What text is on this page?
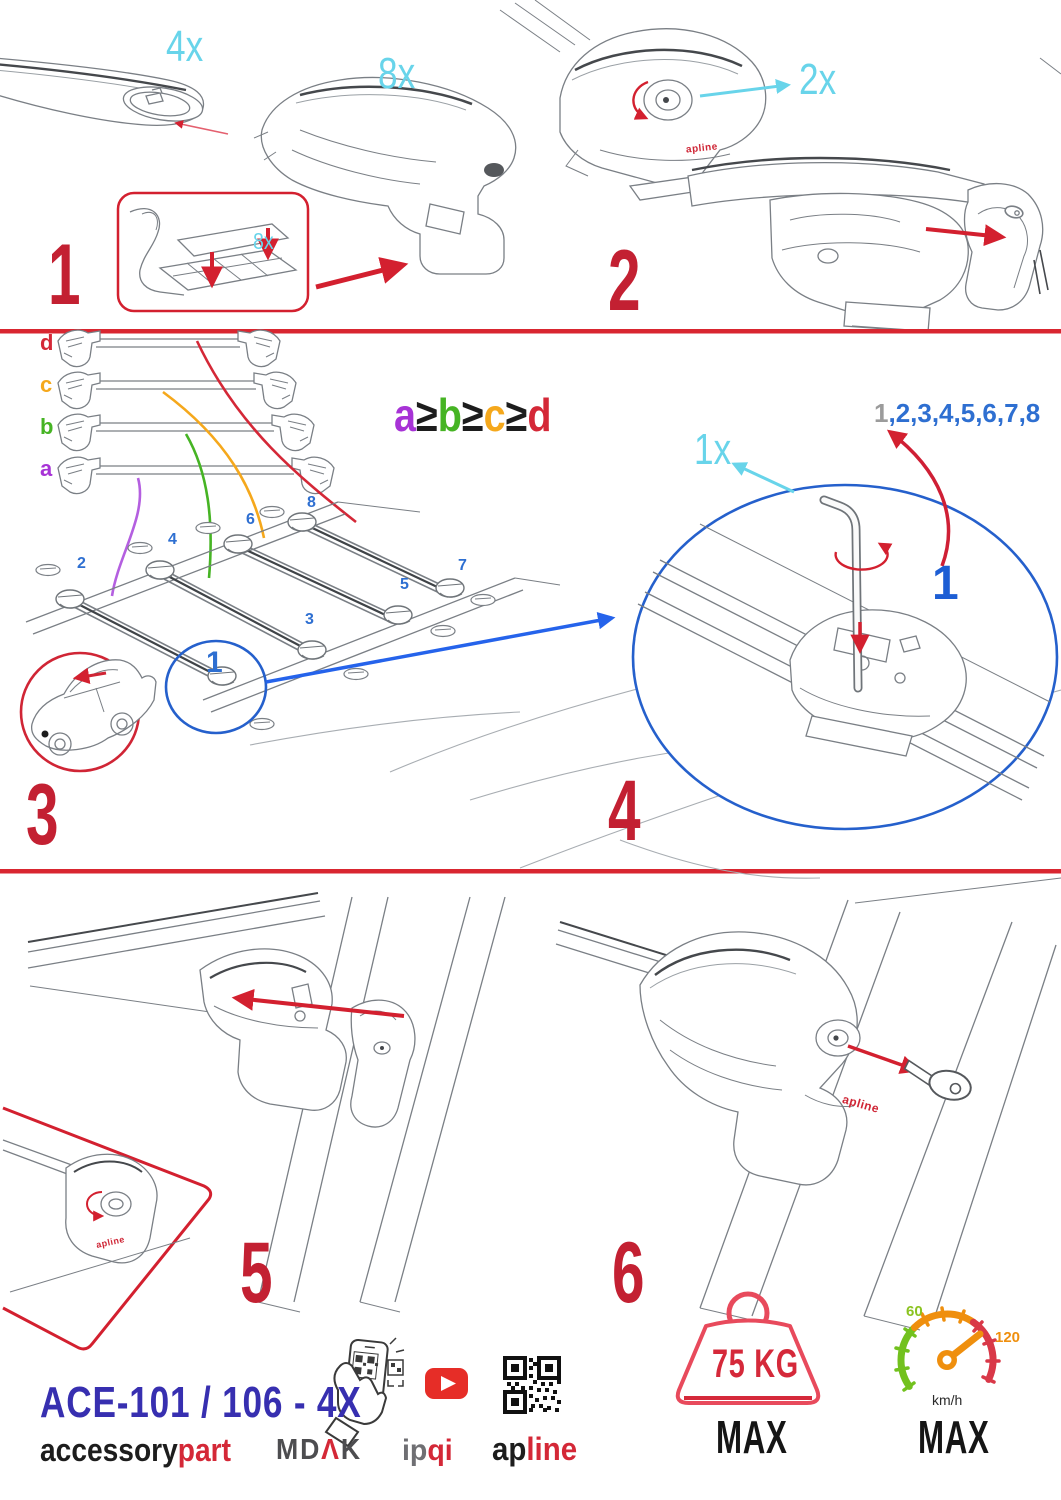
1	2
3	4
5	6
4x
8x
8x
2x
1x
d
c
b
a
a≥b≥c≥d
1
2
3
4
5
6
7
8
1,2,3,4,5,6,7,8
1
apline
apline
apline
ACE-101 / 106 - 4X
accessorypart	MDΛK ipqi apline
75 KG
MAX
60
120
km/h
MAX
